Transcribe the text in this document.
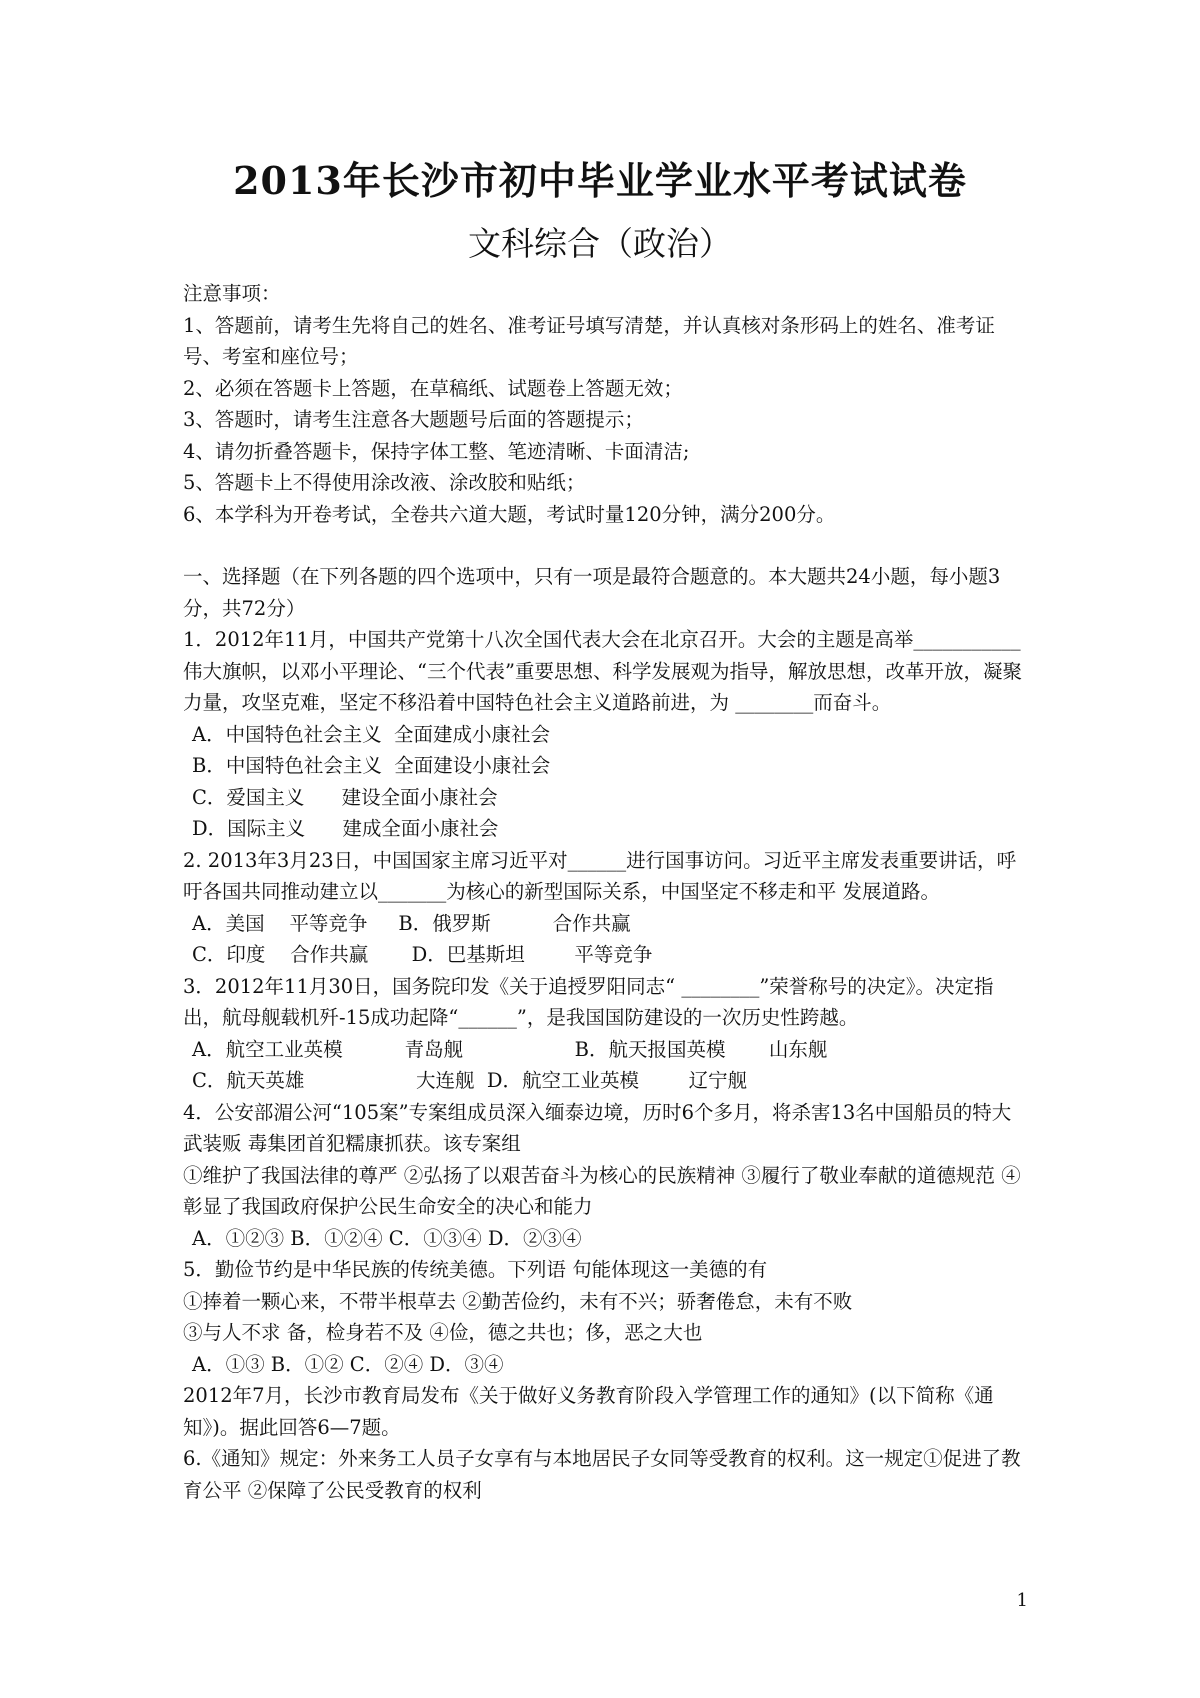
2013年长沙市初中毕业学业水平考试试卷
文科综合（政治）

注意事项：

1、答题前，请考生先将自己的姓名、准考证号填写清楚，并认真核对条形码上的姓名、准考证号、考室和座位号；

2、必须在答题卡上答题，在草稿纸、试题卷上答题无效；

3、答题时，请考生注意各大题题号后面的答题提示；

4、请勿折叠答题卡，保持字体工整、笔迹清晰、卡面清洁;

5、答题卡上不得使用涂改液、涂改胶和贴纸；

6、本学科为开卷考试，全卷共六道大题，考试时量120分钟，满分200分。

一、选择题（在下列各题的四个选项中，只有一项是最符合题意的。本大题共24小题，每小题3分，共72分）

1．2012年11月，中国共产党第十八次全国代表大会在北京召开。大会的主题是高举___________伟大旗帜，以邓小平理论、“三个代表”重要思想、科学发展观为指导，解放思想，改革开放，凝聚力量，攻坚克难，坚定不移沿着中国特色社会主义道路前进，为 ________而奋斗。

A．中国特色社会主义  全面建成小康社会

B．中国特色社会主义  全面建设小康社会

C．爱国主义      建设全面小康社会

D．国际主义      建成全面小康社会

2. 2013年3月23日，中国国家主席习近平对______进行国事访问。习近平主席发表重要讲话，呼吁各国共同推动建立以_______为核心的新型国际关系，中国坚定不移走和平 发展道路。

A．美国    平等竞争     B．俄罗斯          合作共赢

C．印度    合作共赢       D．巴基斯坦        平等竞争

3．2012年11月30日，国务院印发《关于追授罗阳同志“ ________”荣誉称号的决定》。决定指出，航母舰载机歼-15成功起降“______”，是我国国防建设的一次历史性跨越。

A．航空工业英模          青岛舰                  B．航天报国英模       山东舰

C．航天英雄                  大连舰  D．航空工业英模        辽宁舰

4．公安部湄公河“105案”专案组成员深入缅泰边境，历时6个多月，将杀害13名中国船员的特大武装贩 毒集团首犯糯康抓获。该专案组

①维护了我国法律的尊严 ②弘扬了以艰苦奋斗为核心的民族精神 ③履行了敬业奉献的道德规范 ④彰显了我国政府保护公民生命安全的决心和能力

A．①②③ B．①②④ C．①③④ D．②③④

5．勤俭节约是中华民族的传统美德。下列语 句能体现这一美德的有

①捧着一颗心来，不带半根草去 ②勤苦俭约，未有不兴；骄奢倦怠，未有不败

③与人不求 备，检身若不及 ④俭，德之共也；侈，恶之大也

A．①③ B．①② C．②④ D．③④

2012年7月，长沙市教育局发布《关于做好义务教育阶段入学管理工作的通知》(以下简称《通知》)。据此回答6—7题。

6.《通知》规定：外来务工人员子女享有与本地居民子女同等受教育的权利。这一规定①促进了教育公平 ②保障了公民受教育的权利

1
